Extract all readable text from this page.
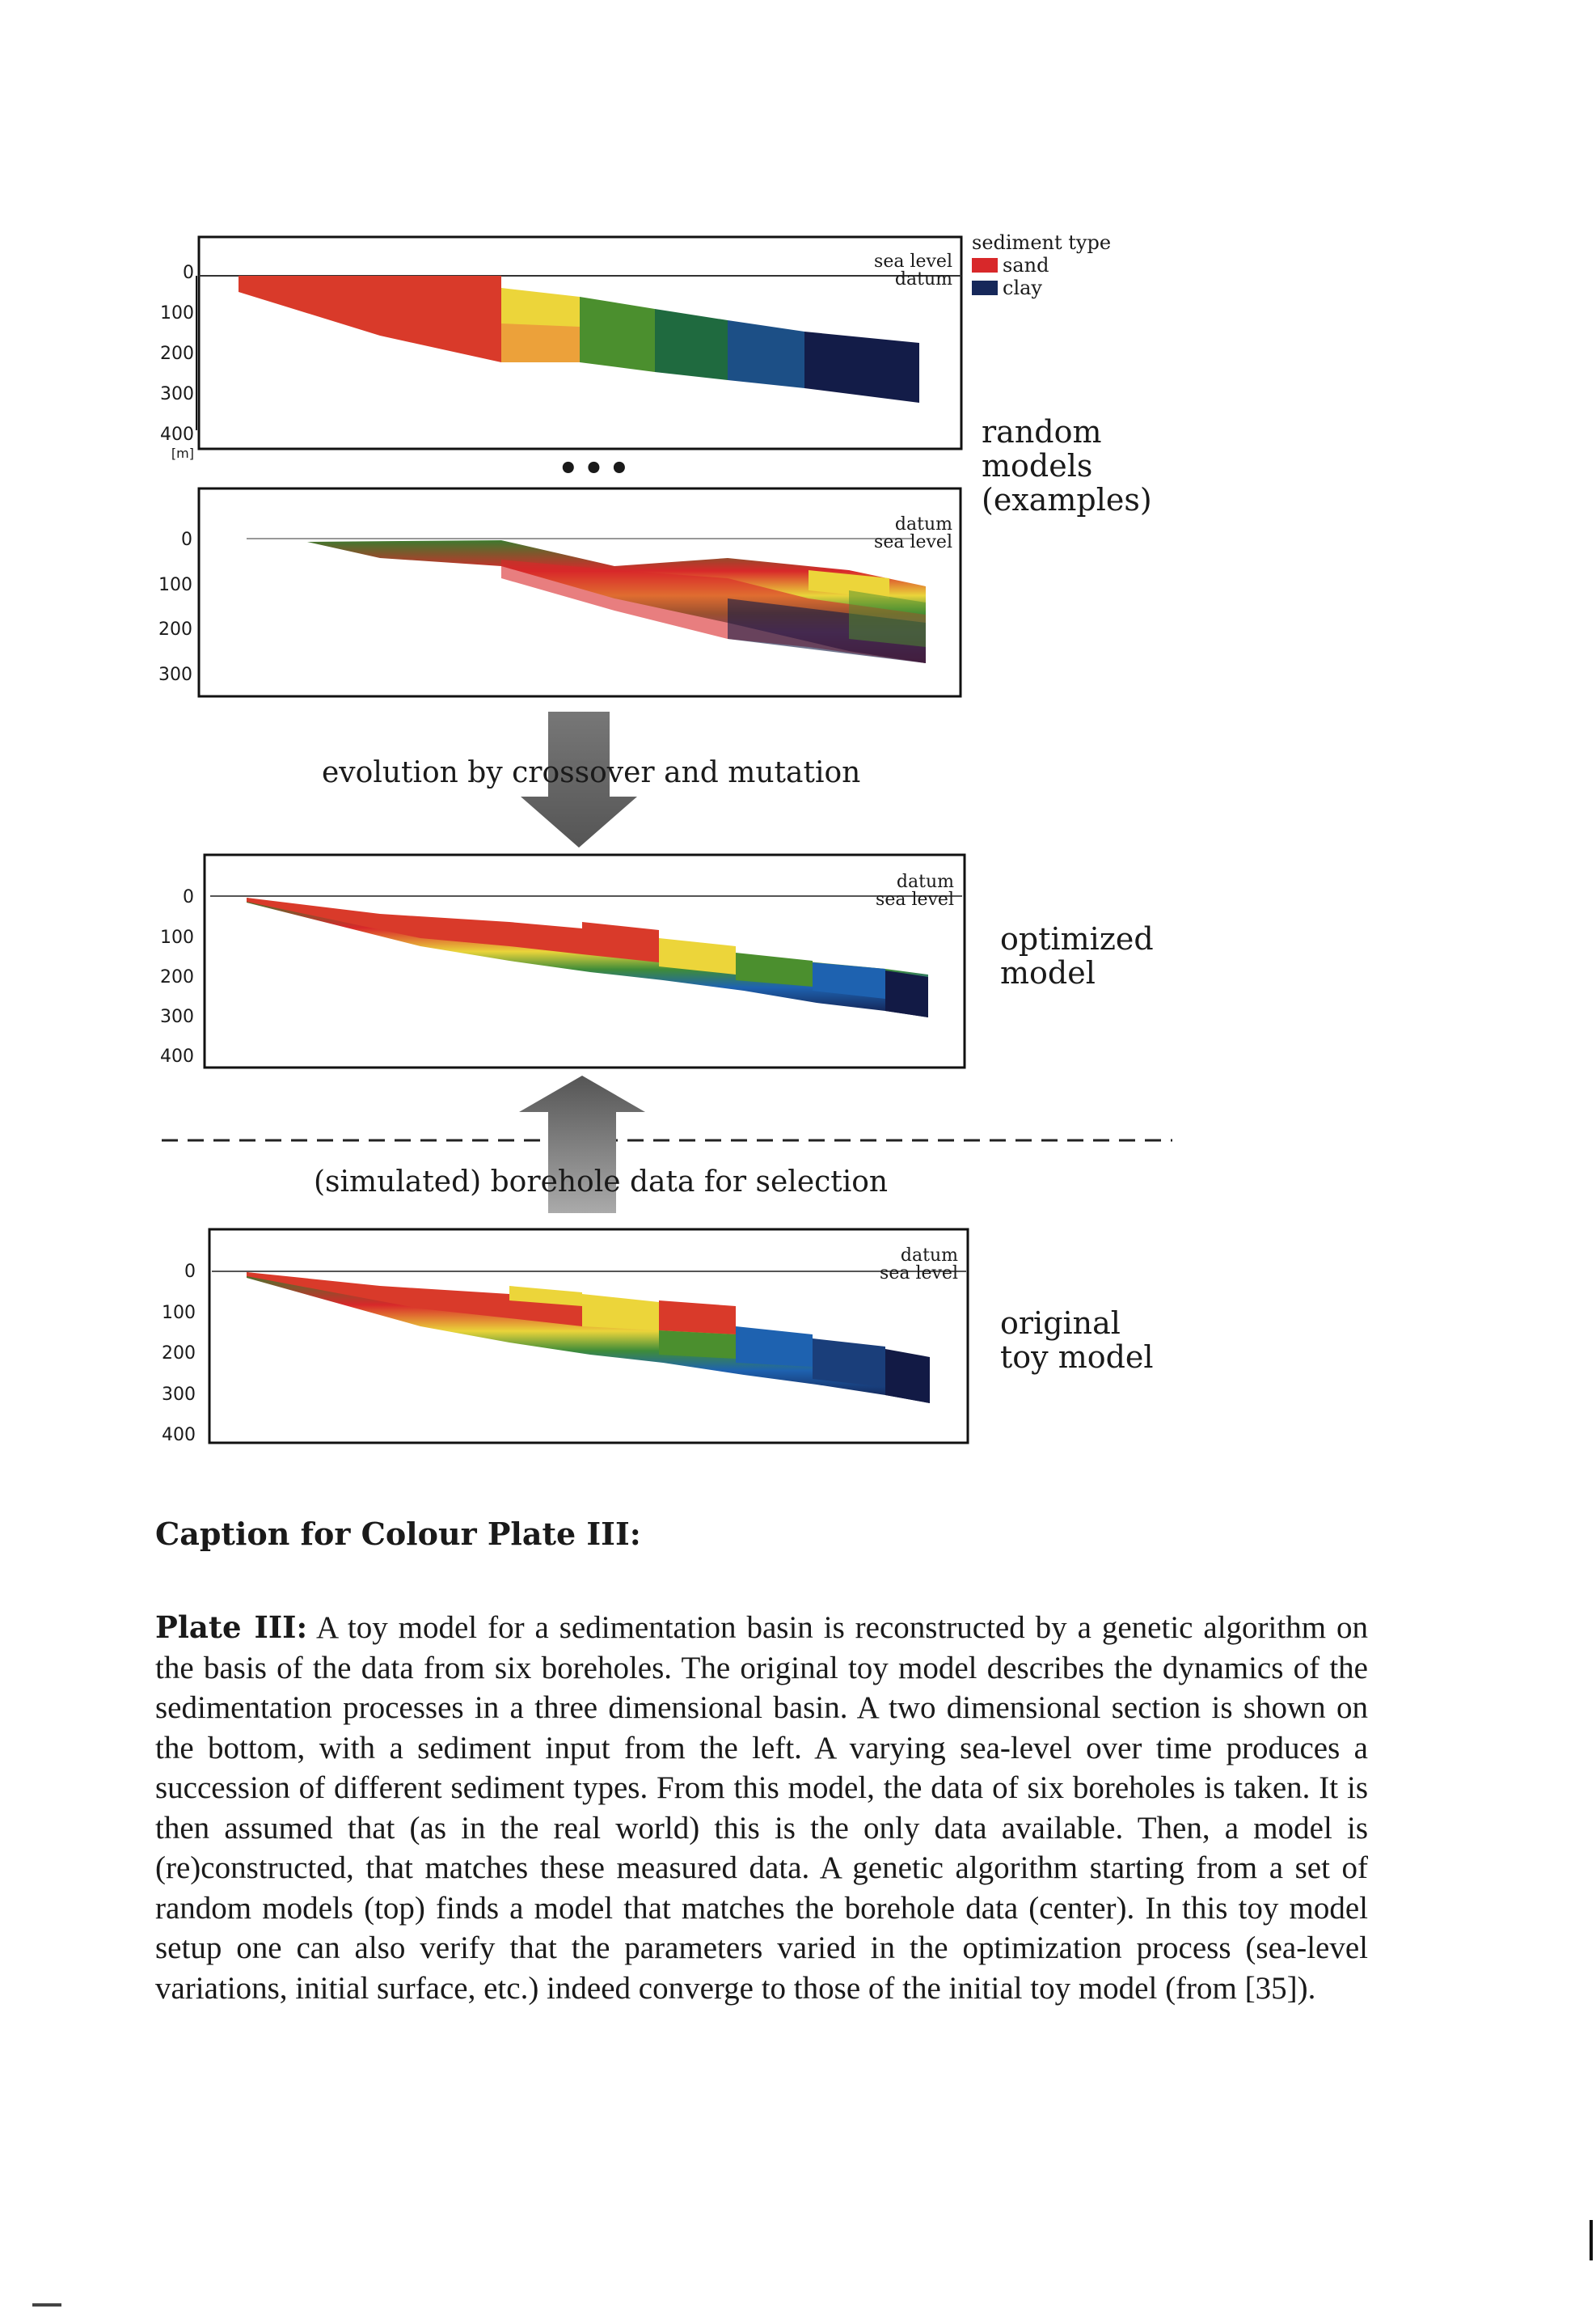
0
100
200
300
400
[m]
sea level
datum
sediment type
sand
clay
random
models
(examples)
•••
0
100
200
300
datum
sea level
evolution by crossover and mutation
0
100
200
300
400
datum
sea level
optimized
model
(simulated) borehole data for selection
0
100
200
300
400
datum
sea level
original
toy model
Caption for Colour Plate III:
Plate III: A toy model for a sedimentation basin is reconstructed by a genetic algorithm on the basis of the data from six boreholes. The original toy model describes the dynamics of the sedimentation processes in a three dimensional basin. A two dimensional section is shown on the bottom, with a sediment input from the left. A varying sea-level over time produces a succession of different sediment types. From this model, the data of six boreholes is taken. It is then assumed that (as in the real world) this is the only data available. Then, a model is (re)constructed, that matches these measured data. A genetic algorithm starting from a set of random models (top) finds a model that matches the borehole data (center). In this toy model setup one can also verify that the parameters varied in the optimization process (sea-level variations, initial surface, etc.) indeed converge to those of the initial toy model (from [35]).
